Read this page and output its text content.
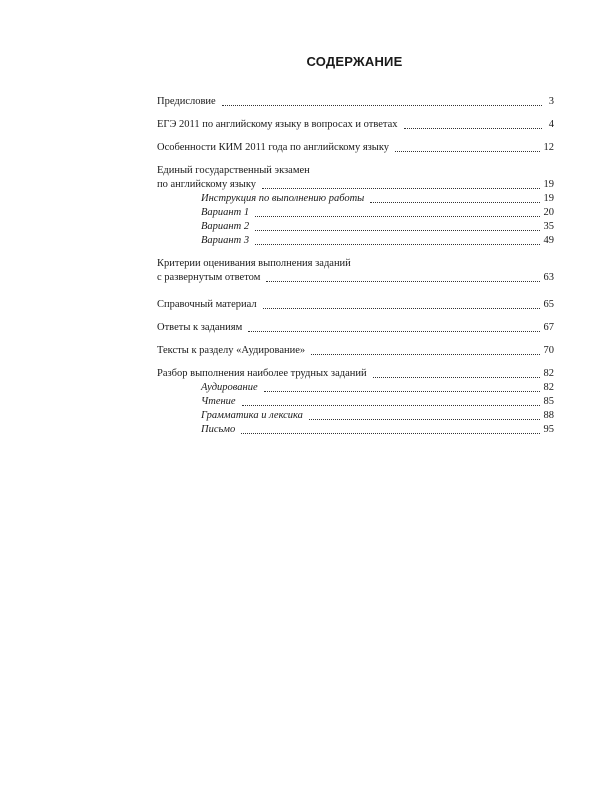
СОДЕРЖАНИЕ
Предисловие	3
ЕГЭ 2011 по английскому языку в вопросах и ответах	4
Особенности КИМ 2011 года по английскому языку	12
Единый государственный экзамен
по английскому языку	19
Инструкция по выполнению работы	19
Вариант 1	20
Вариант 2	35
Вариант 3	49
Критерии оценивания выполнения заданий
с развернутым ответом	63
Справочный материал	65
Ответы к заданиям	67
Тексты к разделу «Аудирование»	70
Разбор выполнения наиболее трудных заданий	82
Аудирование	82
Чтение	85
Грамматика и лексика	88
Письмо	95
